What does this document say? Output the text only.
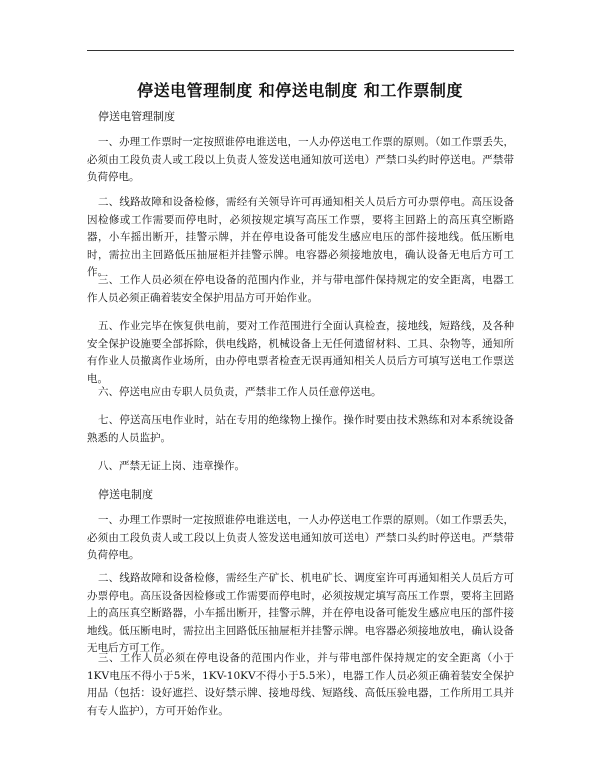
停送电管理制度 和停送电制度 和工作票制度

停送电管理制度

一、办理工作票时一定按照谁停电谁送电，一人办停送电工作票的原则。（如工作票丢失，必须由工段负责人或工段以上负责人签发送电通知放可送电）严禁口头约时停送电。严禁带负荷停电。

二、线路故障和设备检修，需经有关领导许可再通知相关人员后方可办票停电。高压设备因检修或工作需要而停电时，必须按规定填写高压工作票，要将主回路上的高压真空断路器，小车摇出断开，挂警示牌，并在停电设备可能发生感应电压的部件接地线。低压断电时，需拉出主回路低压抽屉柜并挂警示牌。电容器必须接地放电，确认设备无电后方可工作。

三、工作人员必须在停电设备的范围内作业，并与带电部件保持规定的安全距离，电器工作人员必须正确着装安全保护用品方可开始作业。

五、作业完毕在恢复供电前，要对工作范围进行全面认真检查，接地线，短路线，及各种安全保护设施要全部拆除，供电线路，机械设备上无任何遗留材料、工具、杂物等，通知所有作业人员撤离作业场所，由办停电票者检查无误再通知相关人员后方可填写送电工作票送电。

六、停送电应由专职人员负责，严禁非工作人员任意停送电。

七、停送高压电作业时，站在专用的绝缘物上操作。操作时要由技术熟练和对本系统设备熟悉的人员监护。

八、严禁无证上岗、违章操作。

停送电制度

一、办理工作票时一定按照谁停电谁送电，一人办停送电工作票的原则。（如工作票丢失，必须由工段负责人或工段以上负责人签发送电通知放可送电）严禁口头约时停送电。严禁带负荷停电。

二、线路故障和设备检修，需经生产矿长、机电矿长、调度室许可再通知相关人员后方可办票停电。高压设备因检修或工作需要而停电时，必须按规定填写高压工作票，要将主回路上的高压真空断路器，小车摇出断开，挂警示牌，并在停电设备可能发生感应电压的部件接地线。低压断电时，需拉出主回路低压抽屉柜并挂警示牌。电容器必须接地放电，确认设备无电后方可工作。

三、工作人员必须在停电设备的范围内作业，并与带电部件保持规定的安全距离（小于1KV电压不得小于5米，1KV-10KV不得小于5.5米），电器工作人员必须正确着装安全保护用品（包括：设好遮拦、设好禁示牌、接地母线、短路线、高低压验电器，工作所用工具并有专人监护），方可开始作业。
